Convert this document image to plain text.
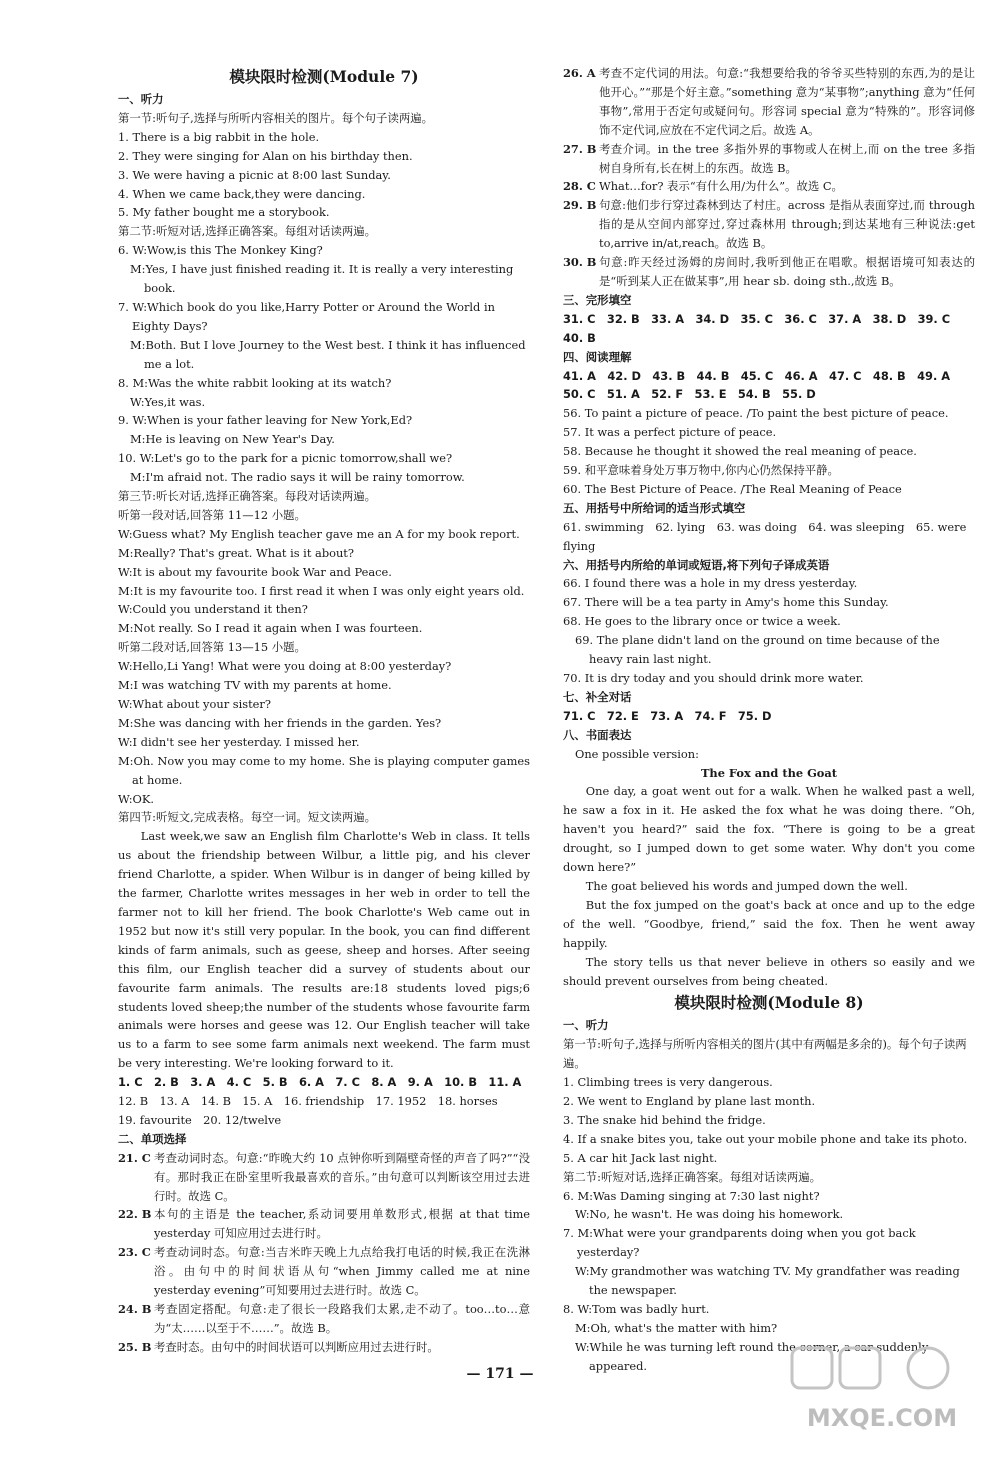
模块限时检测(Module 7)

一、听力

第一节:听句子,选择与所听内容相关的图片。每个句子读两遍。

1. There is a big rabbit in the hole.

2. They were singing for Alan on his birthday then.

3. We were having a picnic at 8:00 last Sunday.

4. When we came back,they were dancing.

5. My father bought me a storybook.

第二节:听短对话,选择正确答案。每组对话读两遍。

6. W:Wow,is this The Monkey King?

M:Yes, I have just finished reading it. It is really a very interesting book.

7. W:Which book do you like,Harry Potter or Around the World in Eighty Days?

M:Both. But I love Journey to the West best. I think it has influenced me a lot.

8. M:Was the white rabbit looking at its watch?

W:Yes,it was.

9. W:When is your father leaving for New York,Ed?

M:He is leaving on New Year's Day.

10. W:Let's go to the park for a picnic tomorrow,shall we?

M:I'm afraid not. The radio says it will be rainy tomorrow.

第三节:听长对话,选择正确答案。每段对话读两遍。

听第一段对话,回答第 11—12 小题。

W:Guess what? My English teacher gave me an A for my book report.

M:Really? That's great. What is it about?

W:It is about my favourite book War and Peace.

M:It is my favourite too. I first read it when I was only eight years old.

W:Could you understand it then?

M:Not really. So I read it again when I was fourteen.

听第二段对话,回答第 13—15 小题。

W:Hello,Li Yang! What were you doing at 8:00 yesterday?

M:I was watching TV with my parents at home.

W:What about your sister?

M:She was dancing with her friends in the garden. Yes?

W:I didn't see her yesterday. I missed her.

M:Oh. Now you may come to my home. She is playing computer games at home.

W:OK.

第四节:听短文,完成表格。每空一词。短文读两遍。

Last week,we saw an English film Charlotte's Web in class. It tells us about the friendship between Wilbur, a little pig, and his clever friend Charlotte, a spider. When Wilbur is in danger of being killed by the farmer, Charlotte writes messages in her web in order to tell the farmer not to kill her friend. The book Charlotte's Web came out in 1952 but now it's still very popular. In the book, you can find different kinds of farm animals, such as geese, sheep and horses. After seeing this film, our English teacher did a survey of students about our favourite farm animals. The results are:18 students loved pigs;6 students loved sheep;the number of the students whose favourite farm animals were horses and geese was 12. Our English teacher will take us to a farm to see some farm animals next weekend. The farm must be very interesting. We're looking forward to it.

1. C　2. B　3. A　4. C　5. B　6. A　7. C　8. A　9. A　10. B　11. A

12. B　13. A　14. B　15. A　16. friendship　17. 1952　18. horses

19. favourite　20. 12/twelve

二、单项选择

21. C 考查动词时态。句意:“昨晚大约 10 点钟你听到隔壁奇怪的声音了吗?”“没有。那时我正在卧室里听我最喜欢的音乐。”由句意可以判断该空用过去进行时。故选 C。
22. B 本句的主语是 the teacher,系动词要用单数形式,根据 at that time yesterday 可知应用过去进行时。
23. C 考查动词时态。句意:当吉米昨天晚上九点给我打电话的时候,我正在洗淋浴。由句中的时间状语从句“when Jimmy called me at nine yesterday evening”可知要用过去进行时。故选 C。
24. B 考查固定搭配。句意:走了很长一段路我们太累,走不动了。too…to…意为“太……以至于不……”。故选 B。
25. B 考查时态。由句中的时间状语可以判断应用过去进行时。
26. A 考查不定代词的用法。句意:“我想要给我的爷爷买些特别的东西,为的是让他开心。”“那是个好主意。”something 意为“某事物”;anything 意为“任何事物”,常用于否定句或疑问句。形容词 special 意为“特殊的”。形容词修饰不定代词,应放在不定代词之后。故选 A。
27. B 考查介词。in the tree 多指外界的事物或人在树上,而 on the tree 多指树自身所有,长在树上的东西。故选 B。
28. C What…for? 表示“有什么用/为什么”。故选 C。
29. B 句意:他们步行穿过森林到达了村庄。across 是指从表面穿过,而 through 指的是从空间内部穿过,穿过森林用 through;到达某地有三种说法:get to,arrive in/at,reach。故选 B。
30. B 句意:昨天经过汤姆的房间时,我听到他正在唱歌。根据语境可知表达的是“听到某人正在做某事”,用 hear sb. doing sth.,故选 B。

三、完形填空

31. C　32. B　33. A　34. D　35. C　36. C　37. A　38. D　39. C

40. B

四、阅读理解

41. A　42. D　43. B　44. B　45. C　46. A　47. C　48. B　49. A

50. C　51. A　52. F　53. E　54. B　55. D

56. To paint a picture of peace. /To paint the best picture of peace.

57. It was a perfect picture of peace.

58. Because he thought it showed the real meaning of peace.

59. 和平意味着身处万事万物中,你内心仍然保持平静。

60. The Best Picture of Peace. /The Real Meaning of Peace

五、用括号中所给词的适当形式填空

61. swimming　62. lying　63. was doing　64. was sleeping　65. were flying

六、用括号内所给的单词或短语,将下列句子译成英语

66. I found there was a hole in my dress yesterday.

67. There will be a tea party in Amy's home this Sunday.

68. He goes to the library once or twice a week.

69. The plane didn't land on the ground on time because of the heavy rain last night.

70. It is dry today and you should drink more water.

七、补全对话

71. C　72. E　73. A　74. F　75. D

八、书面表达

One possible version:

The Fox and the Goat

One day, a goat went out for a walk. When he walked past a well, he saw a fox in it. He asked the fox what he was doing there. “Oh, haven't you heard?” said the fox. “There is going to be a great drought, so I jumped down to get some water. Why don't you come down here?”

The goat believed his words and jumped down the well.

But the fox jumped on the goat's back at once and up to the edge of the well. “Goodbye, friend,” said the fox. Then he went away happily.

The story tells us that never believe in others so easily and we should prevent ourselves from being cheated.

模块限时检测(Module 8)

一、听力

第一节:听句子,选择与所听内容相关的图片(其中有两幅是多余的)。每个句子读两遍。

1. Climbing trees is very dangerous.

2. We went to England by plane last month.

3. The snake hid behind the fridge.

4. If a snake bites you, take out your mobile phone and take its photo.

5. A car hit Jack last night.

第二节:听短对话,选择正确答案。每组对话读两遍。

6. M:Was Daming singing at 7:30 last night?

W:No, he wasn't. He was doing his homework.

7. M:What were your grandparents doing when you got back yesterday?

W:My grandmother was watching TV. My grandfather was reading the newspaper.

8. W:Tom was badly hurt.

M:Oh, what's the matter with him?

W:While he was turning left round the corner, a car suddenly appeared.

— 171 —
MXQE.COM
